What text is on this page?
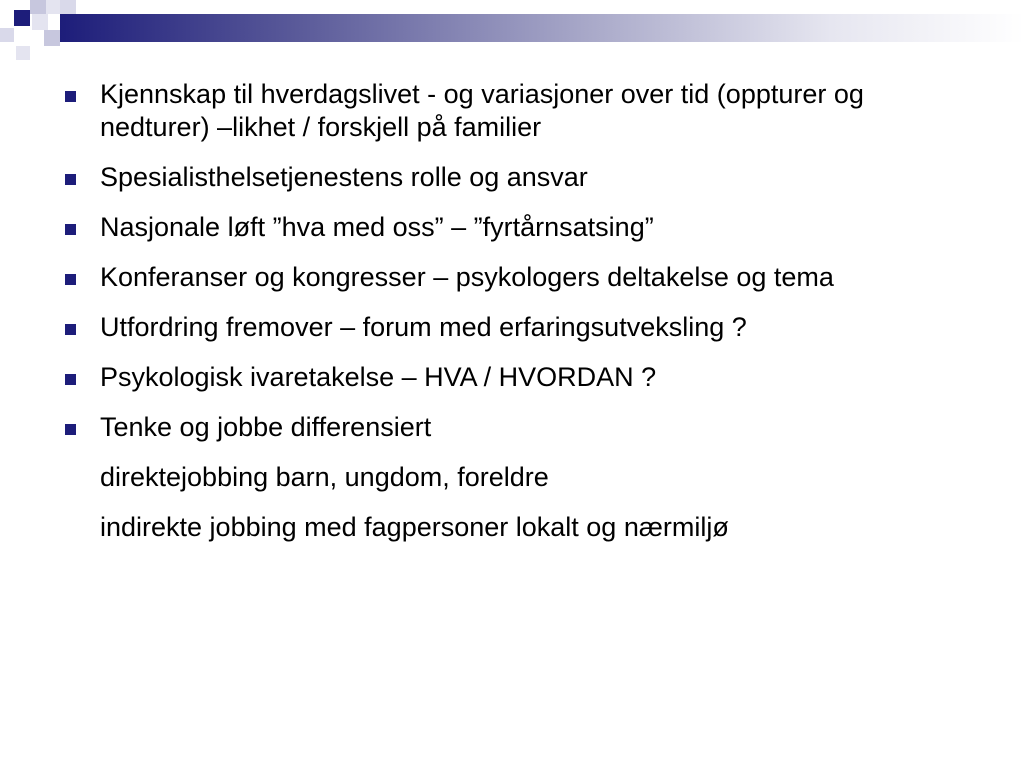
Kjennskap til hverdagslivet - og variasjoner over tid (oppturer og nedturer) –likhet / forskjell på familier
Spesialisthelsetjenestens rolle og ansvar
Nasjonale løft ”hva med oss” – ”fyrtårnsatsing”
Konferanser og kongresser – psykologers deltakelse og tema
Utfordring fremover – forum med erfaringsutveksling ?
Psykologisk ivaretakelse – HVA / HVORDAN ?
Tenke og jobbe differensiert
direktejobbing barn, ungdom, foreldre
indirekte jobbing med fagpersoner lokalt og nærmiljø
